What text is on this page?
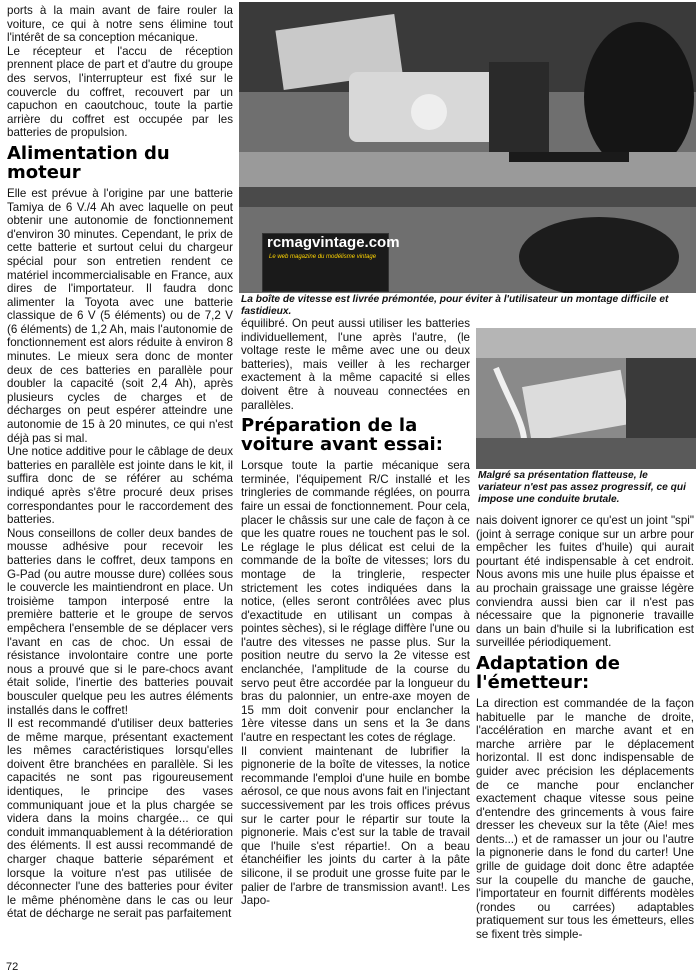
ports à la main avant de faire rouler la voiture, ce qui à notre sens élimine tout l'intérêt de sa conception mécanique.

Le récepteur et l'accu de réception prennent place de part et d'autre du groupe des servos, l'interrupteur est fixé sur le couvercle du coffret, recouvert par un capuchon en caoutchouc, toute la partie arrière du coffret est occupée par les batteries de propulsion.

Alimentation du moteur

Elle est prévue à l'origine par une batterie Tamiya de 6 V./4 Ah avec laquelle on peut obtenir une autonomie de fonctionnement d'environ 30 minutes. Cependant, le prix de cette batterie et surtout celui du chargeur spécial pour son entretien rendent ce matériel incommercialisable en France, aux dires de l'importateur. Il faudra donc alimenter la Toyota avec une batterie classique de 6 V (5 éléments) ou de 7,2 V (6 éléments) de 1,2 Ah, mais l'autonomie de fonctionnement est alors réduite à environ 8 minutes. Le mieux sera donc de monter deux de ces batteries en parallèle pour doubler la capacité (soit 2,4 Ah), après plusieurs cycles de charges et de décharges on peut espérer atteindre une autonomie de 15 à 20 minutes, ce qui n'est déjà pas si mal.

Une notice additive pour le câblage de deux batteries en parallèle est jointe dans le kit, il suffira donc de se référer au schéma indiqué après s'être procuré deux prises correspondantes pour le raccordement des batteries.

Nous conseillons de coller deux bandes de mousse adhésive pour recevoir les batteries dans le coffret, deux tampons en G-Pad (ou autre mousse dure) collées sous le couvercle les maintiendront en place. Un troisième tampon interposé entre la première batterie et le groupe de servos empêchera l'ensemble de se déplacer vers l'avant en cas de choc. Un essai de résistance involontaire contre une porte nous a prouvé que si le pare-chocs avant était solide, l'inertie des batteries pouvait bousculer quelque peu les autres éléments installés dans le coffret!

Il est recommandé d'utiliser deux batteries de même marque, présentant exactement les mêmes caractéristiques lorsqu'elles doivent être branchées en parallèle. Si les capacités ne sont pas rigoureusement identiques, le principe des vases communiquant joue et la plus chargée se videra dans la moins chargée... ce qui conduit immanquablement à la détérioration des éléments. Il est aussi recommandé de charger chaque batterie séparément et lorsque la voiture n'est pas utilisée de déconnecter l'une des batteries pour éviter le même phénomène dans le cas ou leur état de décharge ne serait pas parfaitement

rcmagvintage.com
Le web magazine du modélisme vintage
La boîte de vitesse est livrée prémontée, pour éviter à l'utilisateur un montage difficile et fastidieux.

équilibré. On peut aussi utiliser les batteries individuellement, l'une après l'autre, (le voltage reste le même avec une ou deux batteries), mais veiller à les recharger exactement à la même capacité si elles doivent être à nouveau connectées en parallèles.

Préparation de la voiture avant essai:

Lorsque toute la partie mécanique sera terminée, l'équipement R/C installé et les tringleries de commande réglées, on pourra faire un essai de fonctionnement. Pour cela, placer le châssis sur une cale de façon à ce que les quatre roues ne touchent pas le sol. Le réglage le plus délicat est celui de la commande de la boîte de vitesses; lors du montage de la tringlerie, respecter strictement les cotes indiquées dans la notice, (elles seront contrôlées avec plus d'exactitude en utilisant un compas à pointes sèches), si le réglage diffère l'une ou l'autre des vitesses ne passe plus. Sur la position neutre du servo la 2e vitesse est enclanchée, l'amplitude de la course du servo peut être accordée par la longueur du bras du palonnier, un entre-axe moyen de 15 mm doit convenir pour enclancher la 1ère vitesse dans un sens et la 3e dans l'autre en respectant les cotes de réglage.

Il convient maintenant de lubrifier la pignonerie de la boîte de vitesses, la notice recommande l'emploi d'une huile en bombe aérosol, ce que nous avons fait en l'injectant successivement par les trois offices prévus sur le carter pour le répartir sur toute la pignonerie. Mais c'est sur la table de travail que l'huile s'est répartie!. On a beau étanchéifier les joints du carter à la pâte silicone, il se produit une grosse fuite par le palier de l'arbre de transmission avant!. Les Japo-

Malgré sa présentation flatteuse, le variateur n'est pas assez progressif, ce qui impose une conduite brutale.

nais doivent ignorer ce qu'est un joint "spi" (joint à serrage conique sur un arbre pour empêcher les fuites d'huile) qui aurait pourtant été indispensable à cet endroit. Nous avons mis une huile plus épaisse et au prochain graissage une graisse légère conviendra aussi bien car il n'est pas nécessaire que la pignonerie travaille dans un bain d'huile si la lubrification est surveillée périodiquement.

Adaptation de l'émetteur:

La direction est commandée de la façon habituelle par le manche de droite, l'accélération en marche avant et en marche arrière par le déplacement horizontal. Il est donc indispensable de guider avec précision les déplacements de ce manche pour enclancher exactement chaque vitesse sous peine d'entendre des grincements à vous faire dresser les cheveux sur la tête (Aie! mes dents...) et de ramasser un jour ou l'autre la pignonerie dans le fond du carter! Une grille de guidage doit donc être adaptée sur la coupelle du manche de gauche, l'importateur en fournit différents modèles (rondes ou carrées) adaptables pratiquement sur tous les émetteurs, elles se fixent très simple-

72
